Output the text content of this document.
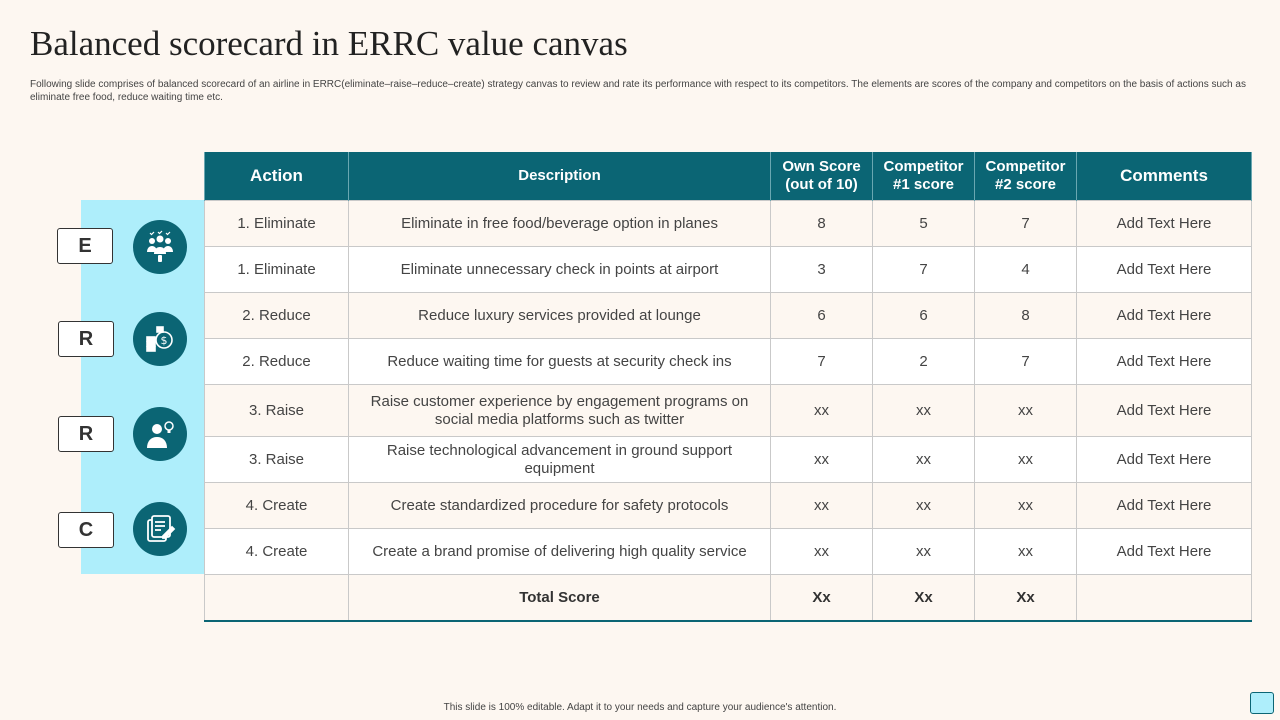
Balanced scorecard in ERRC value canvas

Following slide comprises of balanced scorecard of an airline in ERRC(eliminate–raise–reduce–create) strategy canvas to review and rate its performance with respect to its competitors. The elements are scores of the company and competitors on the basis of actions such as eliminate free food, reduce waiting time etc.

E
R
R
C
$
Action	Description	Own Score (out of 10)	Competitor #1 score	Competitor #2 score	Comments
1. Eliminate	Eliminate in free food/beverage option in planes	8	5	7	Add Text Here
1. Eliminate	Eliminate unnecessary check in points at airport	3	7	4	Add Text Here
2. Reduce	Reduce luxury services provided at lounge	6	6	8	Add Text Here
2. Reduce	Reduce waiting time for guests at security check ins	7	2	7	Add Text Here
3. Raise	Raise customer experience by engagement programs on social media platforms such as twitter	xx	xx	xx	Add Text Here
3. Raise	Raise technological advancement in ground support equipment	xx	xx	xx	Add Text Here
4. Create	Create standardized procedure for safety protocols	xx	xx	xx	Add Text Here
4. Create	Create a brand promise of delivering high quality service	xx	xx	xx	Add Text Here
	Total Score	Xx	Xx	Xx	
This slide is 100% editable. Adapt it to your needs and capture your audience's attention.
